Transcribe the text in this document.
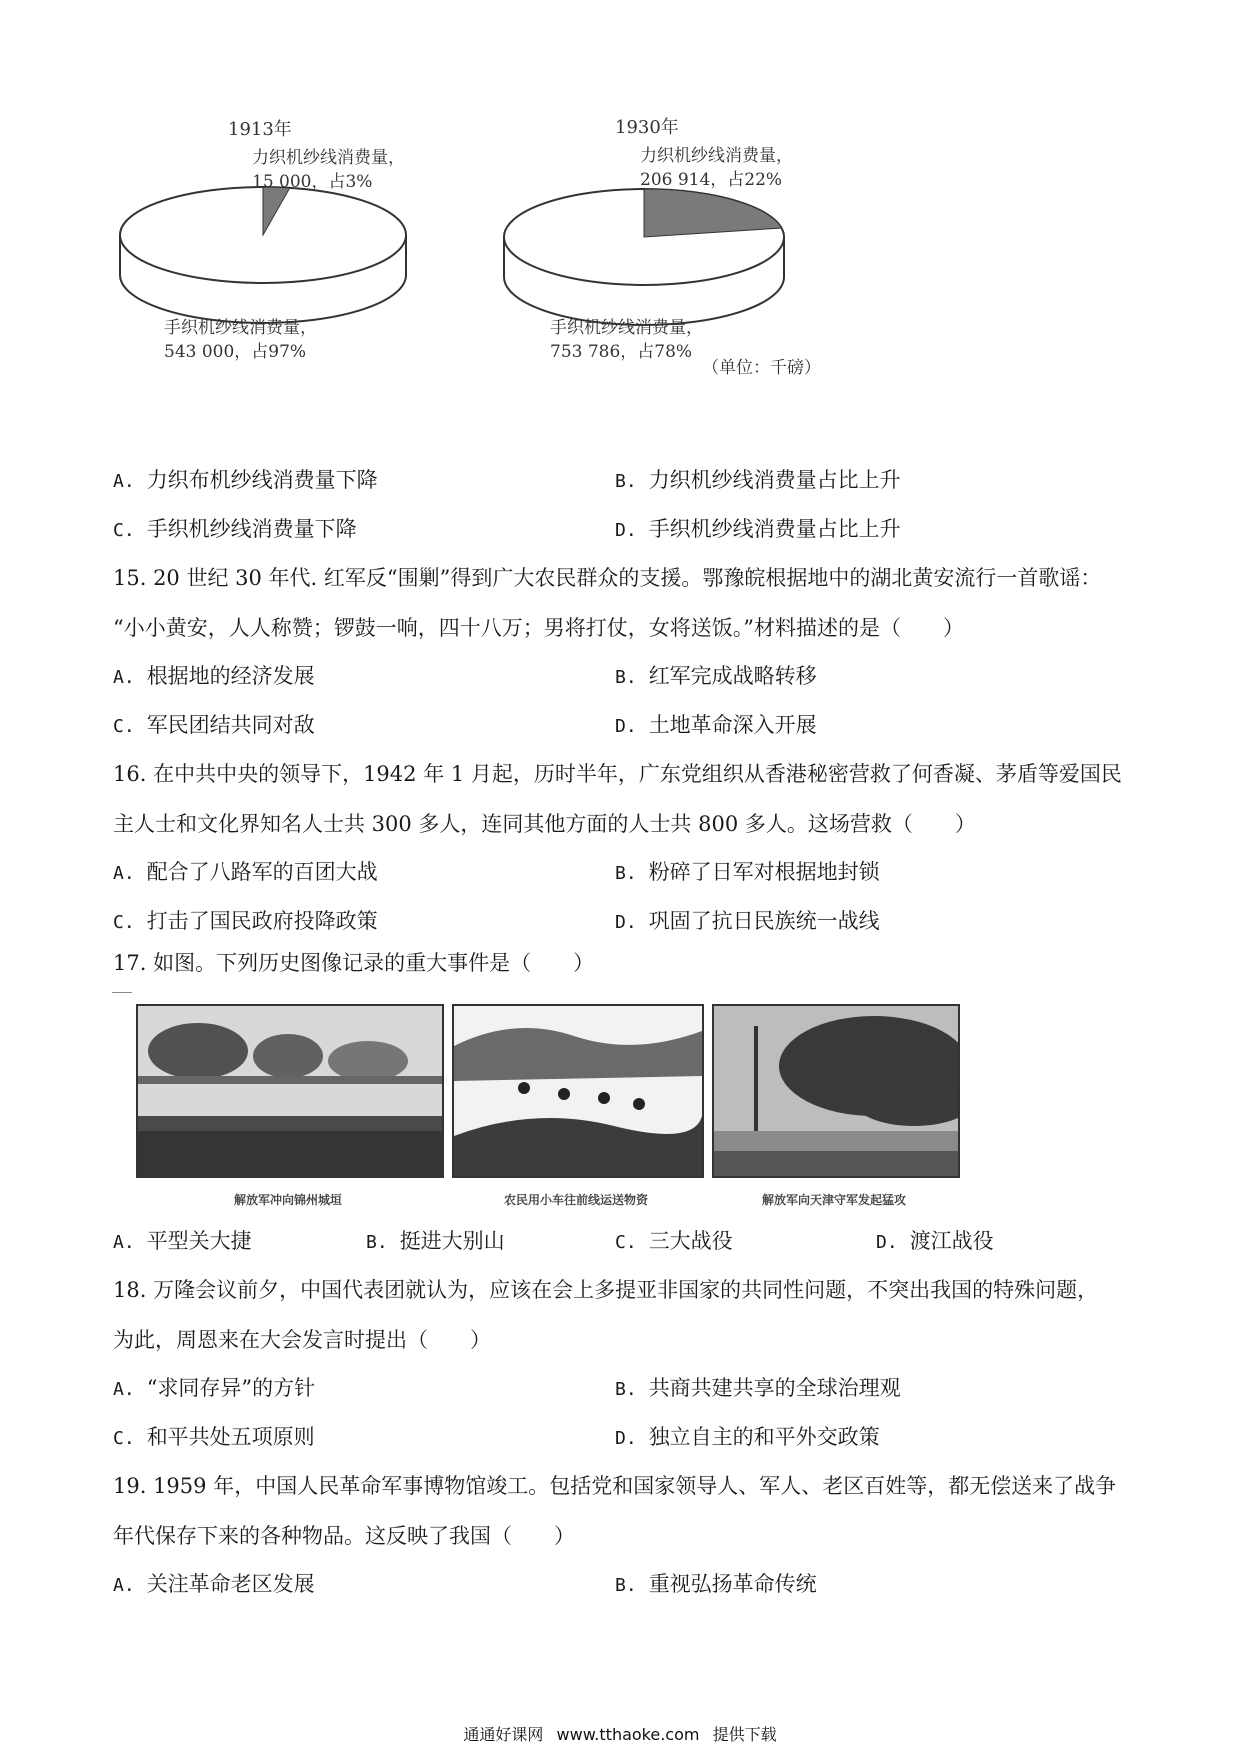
1913年
力织机纱线消费量，
15 000，占3%
手织机纱线消费量，
543 000，占97%
1930年
力织机纱线消费量，
206 914，占22%
手织机纱线消费量，
753 786，占78%
（单位：千磅）
A. 力织布机纱线消费量下降	B. 力织机纱线消费量占比上升
C. 手织机纱线消费量下降	D. 手织机纱线消费量占比上升
15. 20 世纪 30 年代. 红军反“围剿”得到广大农民群众的支援。鄂豫皖根据地中的湖北黄安流行一首歌谣：
“小小黄安，人人称赞；锣鼓一响，四十八万；男将打仗，女将送饭。”材料描述的是（　　）
A. 根据地的经济发展	B. 红军完成战略转移
C. 军民团结共同对敌	D. 土地革命深入开展
16. 在中共中央的领导下，1942 年 1 月起，历时半年，广东党组织从香港秘密营救了何香凝、茅盾等爱国民
主人士和文化界知名人士共 300 多人，连同其他方面的人士共 800 多人。这场营救（　　）
A. 配合了八路军的百团大战	B. 粉碎了日军对根据地封锁
C. 打击了国民政府投降政策	D. 巩固了抗日民族统一战线
17. 如图。下列历史图像记录的重大事件是（　　）
解放军冲向锦州城垣	农民用小车往前线运送物资	解放军向天津守军发起猛攻
A. 平型关大捷	B. 挺进大别山	C. 三大战役	D. 渡江战役
18. 万隆会议前夕，中国代表团就认为，应该在会上多提亚非国家的共同性问题，不突出我国的特殊问题，
为此，周恩来在大会发言时提出（　　）
A. “求同存异”的方针	B. 共商共建共享的全球治理观
C. 和平共处五项原则	D. 独立自主的和平外交政策
19. 1959 年，中国人民革命军事博物馆竣工。包括党和国家领导人、军人、老区百姓等，都无偿送来了战争
年代保存下来的各种物品。这反映了我国（　　）
A. 关注革命老区发展	B. 重视弘扬革命传统
通通好课网 www.tthaoke.com 提供下载
